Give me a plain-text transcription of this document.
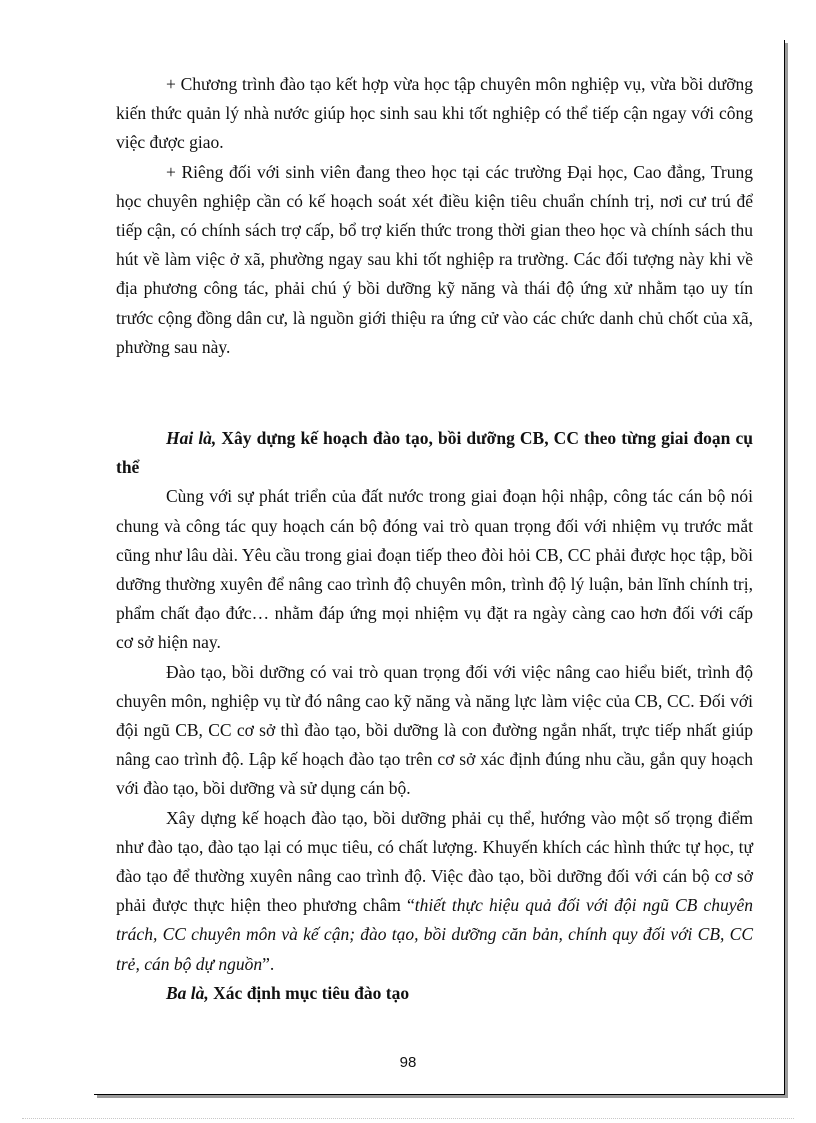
+ Chương trình đào tạo kết hợp vừa học tập chuyên môn nghiệp vụ, vừa bồi dưỡng kiến thức quản lý nhà nước giúp học sinh sau khi tốt nghiệp có thể tiếp cận ngay với công việc được giao.

+ Riêng đối với sinh viên đang theo học tại các trường Đại học, Cao đẳng, Trung học chuyên nghiệp cần có kế hoạch soát xét điều kiện tiêu chuẩn chính trị, nơi cư trú để tiếp cận, có chính sách trợ cấp, bổ trợ kiến thức trong thời gian theo học và chính sách thu hút về làm việc ở xã, phường ngay sau khi tốt nghiệp ra trường. Các đối tượng này khi về địa phương công tác, phải chú ý bồi dưỡng kỹ năng và thái độ ứng xử nhằm tạo uy tín trước cộng đồng dân cư, là nguồn giới thiệu ra ứng cử vào các chức danh chủ chốt của xã, phường sau này.

Hai là, Xây dựng kế hoạch đào tạo, bồi dưỡng CB, CC theo từng giai đoạn cụ thể

Cùng với sự phát triển của đất nước trong giai đoạn hội nhập, công tác cán bộ nói chung và công tác quy hoạch cán bộ đóng vai trò quan trọng đối với nhiệm vụ trước mắt cũng như lâu dài. Yêu cầu trong giai đoạn tiếp theo đòi hỏi CB, CC phải được học tập, bồi dưỡng thường xuyên để nâng cao trình độ chuyên môn, trình độ lý luận, bản lĩnh chính trị, phẩm chất đạo đức… nhằm đáp ứng mọi nhiệm vụ đặt ra ngày càng cao hơn đối với cấp cơ sở hiện nay.

Đào tạo, bồi dưỡng có vai trò quan trọng đối với việc nâng cao hiểu biết, trình độ chuyên môn, nghiệp vụ từ đó nâng cao kỹ năng và năng lực làm việc của CB, CC. Đối với đội ngũ CB, CC cơ sở thì đào tạo, bồi dưỡng là con đường ngắn nhất, trực tiếp nhất giúp nâng cao trình độ. Lập kế hoạch đào tạo trên cơ sở xác định đúng nhu cầu, gắn quy hoạch với đào tạo, bồi dưỡng và sử dụng cán bộ.

Xây dựng kế hoạch đào tạo, bồi dưỡng phải cụ thể, hướng vào một số trọng điểm như đào tạo, đào tạo lại có mục tiêu, có chất lượng. Khuyến khích các hình thức tự học, tự đào tạo để thường xuyên nâng cao trình độ. Việc đào tạo, bồi dưỡng đối với cán bộ cơ sở phải được thực hiện theo phương châm “thiết thực hiệu quả đối với đội ngũ CB chuyên trách, CC chuyên môn và kế cận; đào tạo, bồi dưỡng căn bản, chính quy đối với CB, CC trẻ, cán bộ dự nguồn”.

Ba là, Xác định mục tiêu đào tạo

98
